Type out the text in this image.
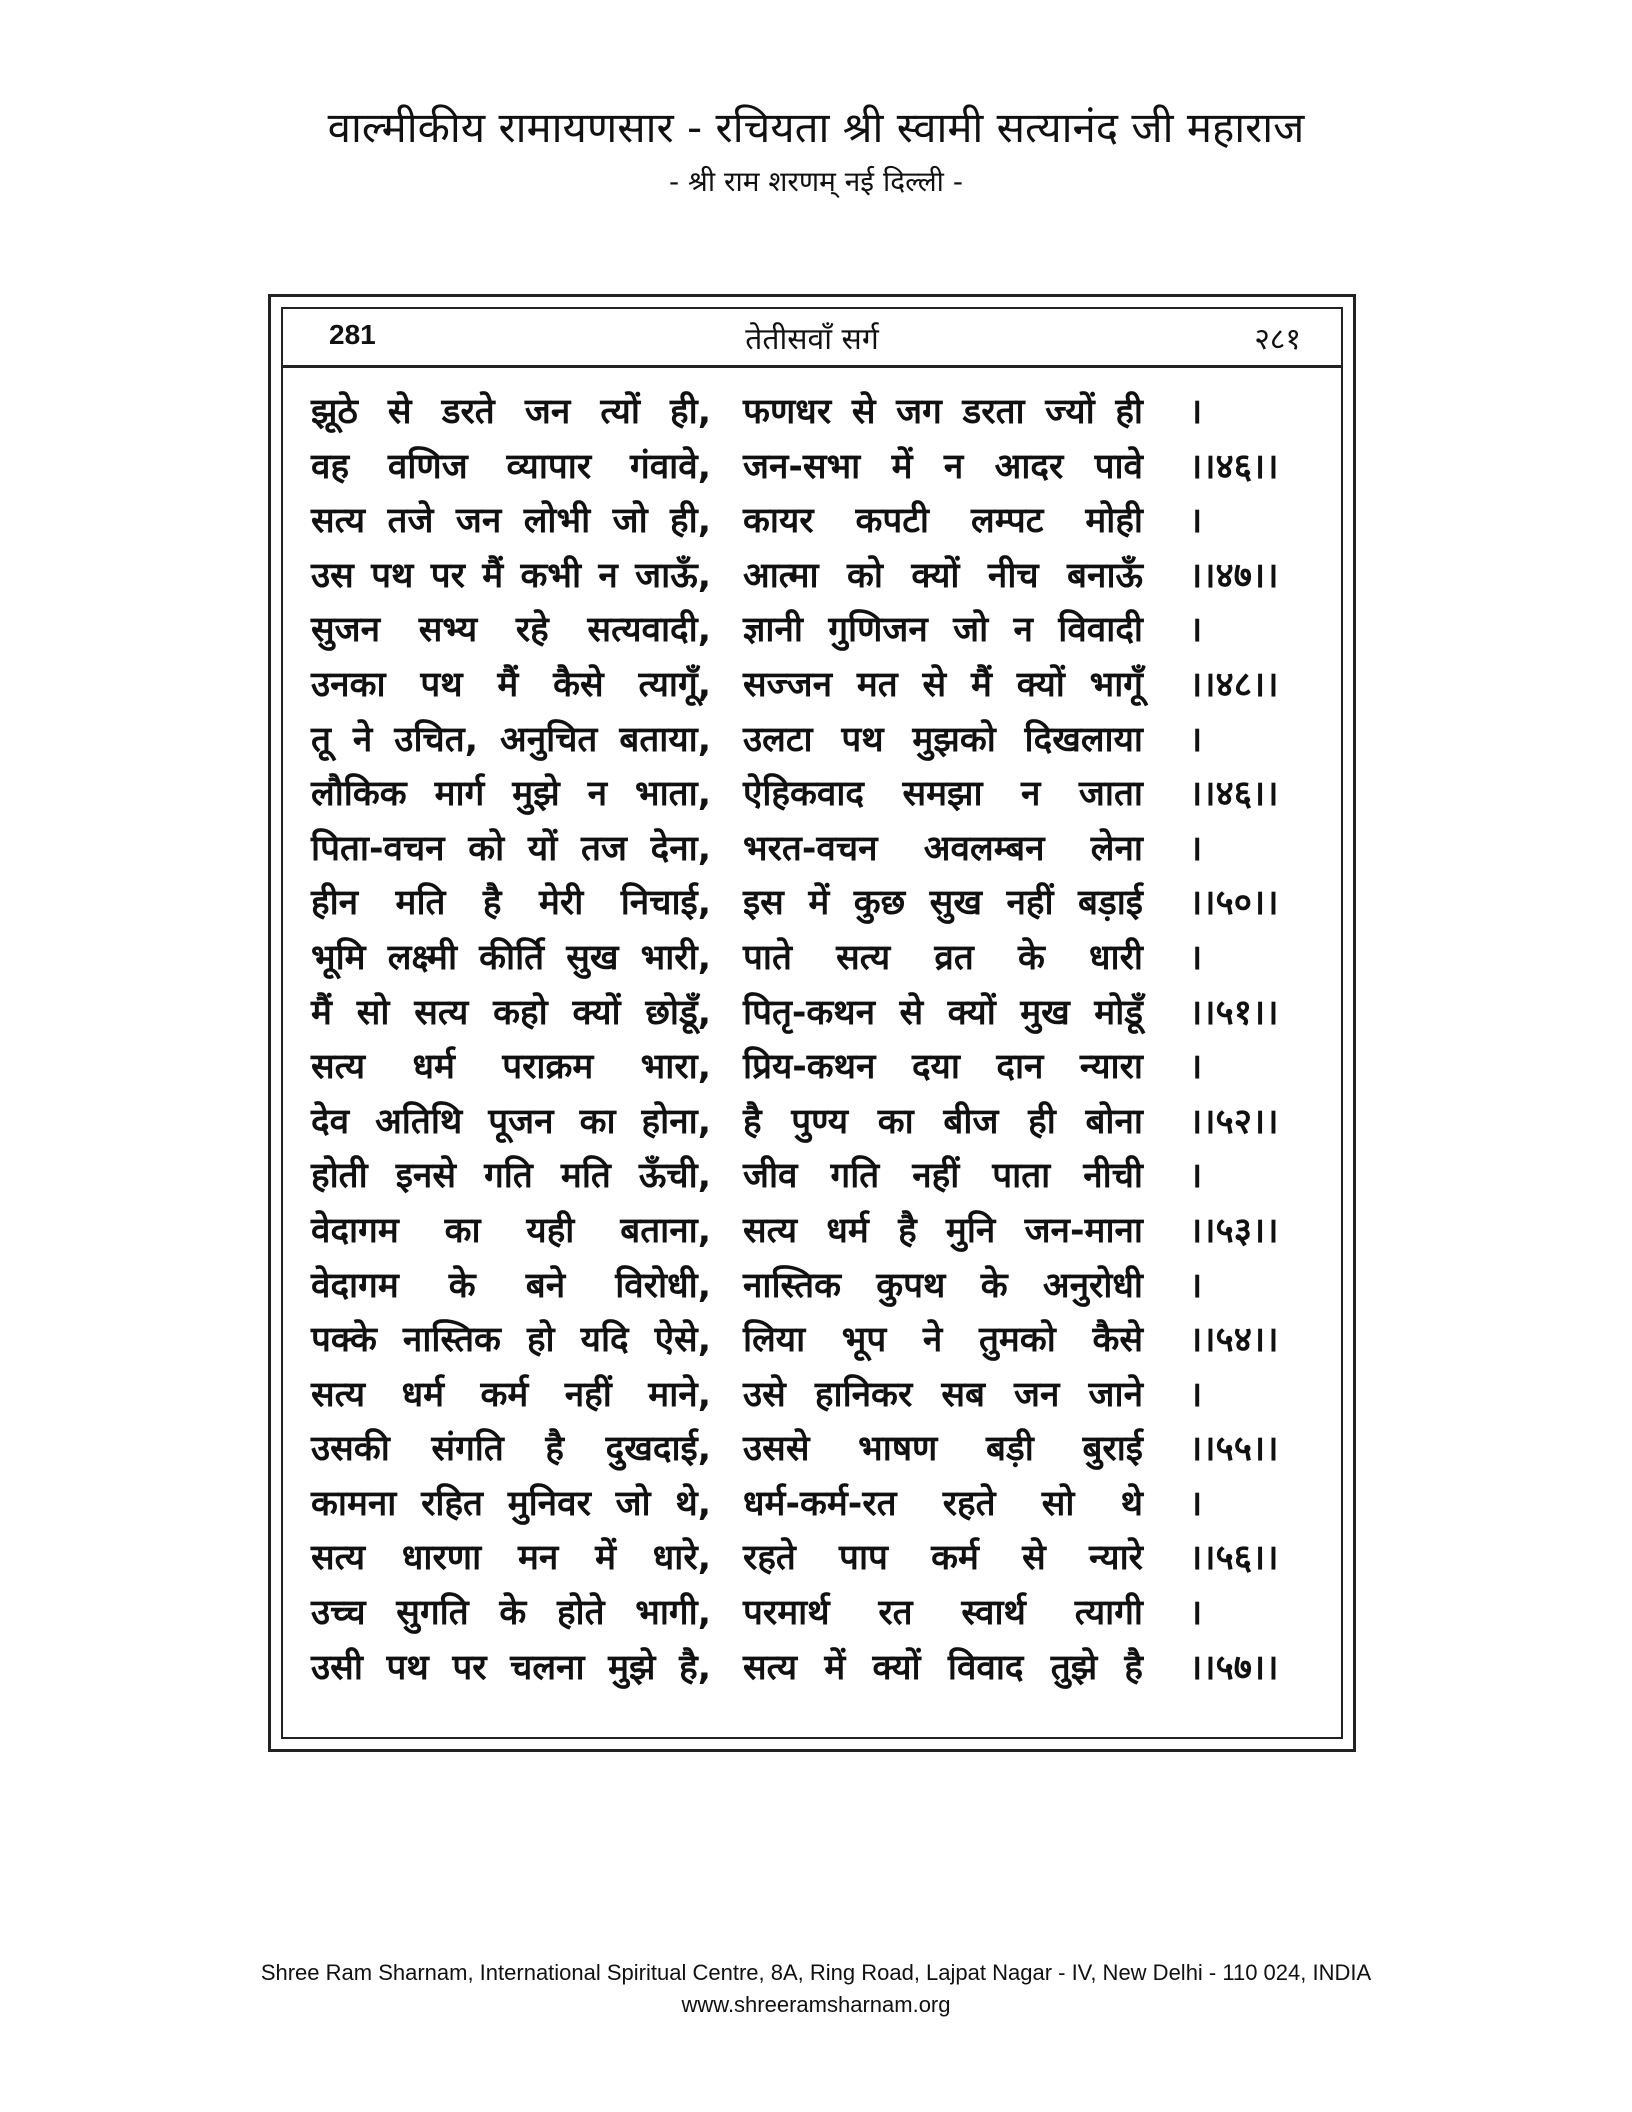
वाल्मीकीय रामायणसार - रचियता श्री स्वामी सत्यानंद जी महाराज
- श्री राम शरणम् नई दिल्ली -
281	तेतीसवाँ सर्ग	२८१
झूठे से डरते जन त्यों ही, फणधर से जग डरता ज्यों ही ।
वह वणिज व्यापार गंवावे, जन-सभा में न आदर पावे ।।४६।।
सत्य तजे जन लोभी जो ही, कायर कपटी लम्पट मोही ।
उस पथ पर मैं कभी न जाऊँ, आत्मा को क्यों नीच बनाऊँ ।।४७।।
सुजन सभ्य रहे सत्यवादी, ज्ञानी गुणिजन जो न विवादी ।
उनका पथ मैं कैसे त्यागूँ, सज्जन मत से मैं क्यों भागूँ ।।४८।।
तू ने उचित, अनुचित बताया, उलटा पथ मुझको दिखलाया ।
लौकिक मार्ग मुझे न भाता, ऐहिकवाद समझा न जाता ।।४६।।
पिता-वचन को यों तज देना, भरत-वचन अवलम्बन लेना ।
हीन मति है मेरी निचाई, इस में कुछ सुख नहीं बड़ाई ।।५०।।
भूमि लक्ष्मी कीर्ति सुख भारी, पाते सत्य व्रत के धारी ।
मैं सो सत्य कहो क्यों छोडूँ, पितृ-कथन से क्यों मुख मोडूँ ।।५१।।
सत्य धर्म पराक्रम भारा, प्रिय-कथन दया दान न्यारा ।
देव अतिथि पूजन का होना, है पुण्य का बीज ही बोना ।।५२।।
होती इनसे गति मति ऊँची, जीव गति नहीं पाता नीची ।
वेदागम का यही बताना, सत्य धर्म है मुनि जन-माना ।।५३।।
वेदागम के बने विरोधी, नास्तिक कुपथ के अनुरोधी ।
पक्के नास्तिक हो यदि ऐसे, लिया भूप ने तुमको कैसे ।।५४।।
सत्य धर्म कर्म नहीं माने, उसे हानिकर सब जन जाने ।
उसकी संगति है दुखदाई, उससे भाषण बड़ी बुराई ।।५५।।
कामना रहित मुनिवर जो थे, धर्म-कर्म-रत रहते सो थे ।
सत्य धारणा मन में धारे, रहते पाप कर्म से न्यारे ।।५६।।
उच्च सुगति के होते भागी, परमार्थ रत स्वार्थ त्यागी ।
उसी पथ पर चलना मुझे है, सत्य में क्यों विवाद तुझे है ।।५७।।
Shree Ram Sharnam, International Spiritual Centre, 8A, Ring Road, Lajpat Nagar - IV, New Delhi - 110 024, INDIA
www.shreeramsharnam.org
